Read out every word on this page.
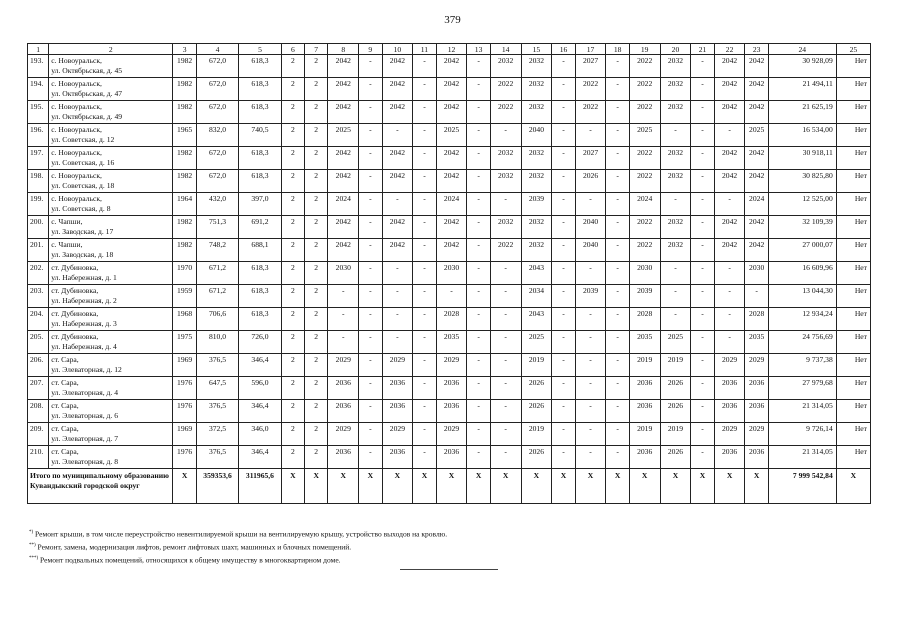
379
1	2	3	4	5	6	7	8	9	10	11	12	13	14	15	16	17	18	19	20	21	22	23	24	25
193.	с. Новоуральск,
ул. Октябрьская, д. 45	1982	672,0	618,3	2	2	2042	-	2042	-	2042	-	2032	2032	-	2027	-	2022	2032	-	2042	2042	30 928,09	Нет
194.	с. Новоуральск,
ул. Октябрьская, д. 47	1982	672,0	618,3	2	2	2042	-	2042	-	2042	-	2022	2032	-	2022	-	2022	2032	-	2042	2042	21 494,11	Нет
195.	с. Новоуральск,
ул. Октябрьская, д. 49	1982	672,0	618,3	2	2	2042	-	2042	-	2042	-	2022	2032	-	2022	-	2022	2032	-	2042	2042	21 625,19	Нет
196.	с. Новоуральск,
ул. Советская, д. 12	1965	832,0	740,5	2	2	2025	-	-	-	2025	-	-	2040	-	-	-	2025	-	-	-	2025	16 534,00	Нет
197.	с. Новоуральск,
ул. Советская, д. 16	1982	672,0	618,3	2	2	2042	-	2042	-	2042	-	2032	2032	-	2027	-	2022	2032	-	2042	2042	30 918,11	Нет
198.	с. Новоуральск,
ул. Советская, д. 18	1982	672,0	618,3	2	2	2042	-	2042	-	2042	-	2032	2032	-	2026	-	2022	2032	-	2042	2042	30 825,80	Нет
199.	с. Новоуральск,
ул. Советская, д. 8	1964	432,0	397,0	2	2	2024	-	-	-	2024	-	-	2039	-	-	-	2024	-	-	-	2024	12 525,00	Нет
200.	с. Чапши,
ул. Заводская, д. 17	1982	751,3	691,2	2	2	2042	-	2042	-	2042	-	2032	2032	-	2040	-	2022	2032	-	2042	2042	32 109,39	Нет
201.	с. Чапши,
ул. Заводская, д. 18	1982	748,2	688,1	2	2	2042	-	2042	-	2042	-	2022	2032	-	2040	-	2022	2032	-	2042	2042	27 000,07	Нет
202.	ст. Дубиновка,
ул. Набережная, д. 1	1970	671,2	618,3	2	2	2030	-	-	-	2030	-	-	2043	-	-	-	2030	-	-	-	2030	16 609,96	Нет
203.	ст. Дубиновка,
ул. Набережная, д. 2	1959	671,2	618,3	2	2	-	-	-	-	-	-	-	2034	-	2039	-	2039	-	-	-	-	13 044,30	Нет
204.	ст. Дубиновка,
ул. Набережная, д. 3	1968	706,6	618,3	2	2	-	-	-	-	2028	-	-	2043	-	-	-	2028	-	-	-	2028	12 934,24	Нет
205.	ст. Дубиновка,
ул. Набережная, д. 4	1975	810,0	726,0	2	2	-	-	-	-	2035	-	-	2025	-	-	-	2035	2025	-	-	2035	24 756,69	Нет
206.	ст. Сара,
ул. Элеваторная, д. 12	1969	376,5	346,4	2	2	2029	-	2029	-	2029	-	-	2019	-	-	-	2019	2019	-	2029	2029	9 737,38	Нет
207.	ст. Сара,
ул. Элеваторная, д. 4	1976	647,5	596,0	2	2	2036	-	2036	-	2036	-	-	2026	-	-	-	2036	2026	-	2036	2036	27 979,68	Нет
208.	ст. Сара,
ул. Элеваторная, д. 6	1976	376,5	346,4	2	2	2036	-	2036	-	2036	-	-	2026	-	-	-	2036	2026	-	2036	2036	21 314,05	Нет
209.	ст. Сара,
ул. Элеваторная, д. 7	1969	372,5	346,0	2	2	2029	-	2029	-	2029	-	-	2019	-	-	-	2019	2019	-	2029	2029	9 726,14	Нет
210.	ст. Сара,
ул. Элеваторная, д. 8	1976	376,5	346,4	2	2	2036	-	2036	-	2036	-	-	2026	-	-	-	2036	2026	-	2036	2036	21 314,05	Нет
Итого по муниципальному образованию Кувандыкский городской округ		X	359353,6	311965,6	X	X	X	X	X	X	X	X	X	X	X	X	X	X	X	X	X	X	7 999 542,84	X
*) Ремонт крыши, в том числе переустройство невентилируемой крыши на вентилируемую крышу, устройство выходов на кровлю.
**) Ремонт, замена, модернизация лифтов, ремонт лифтовых шахт, машинных и блочных помещений.
***) Ремонт подвальных помещений, относящихся к общему имуществу в многоквартирном доме.
